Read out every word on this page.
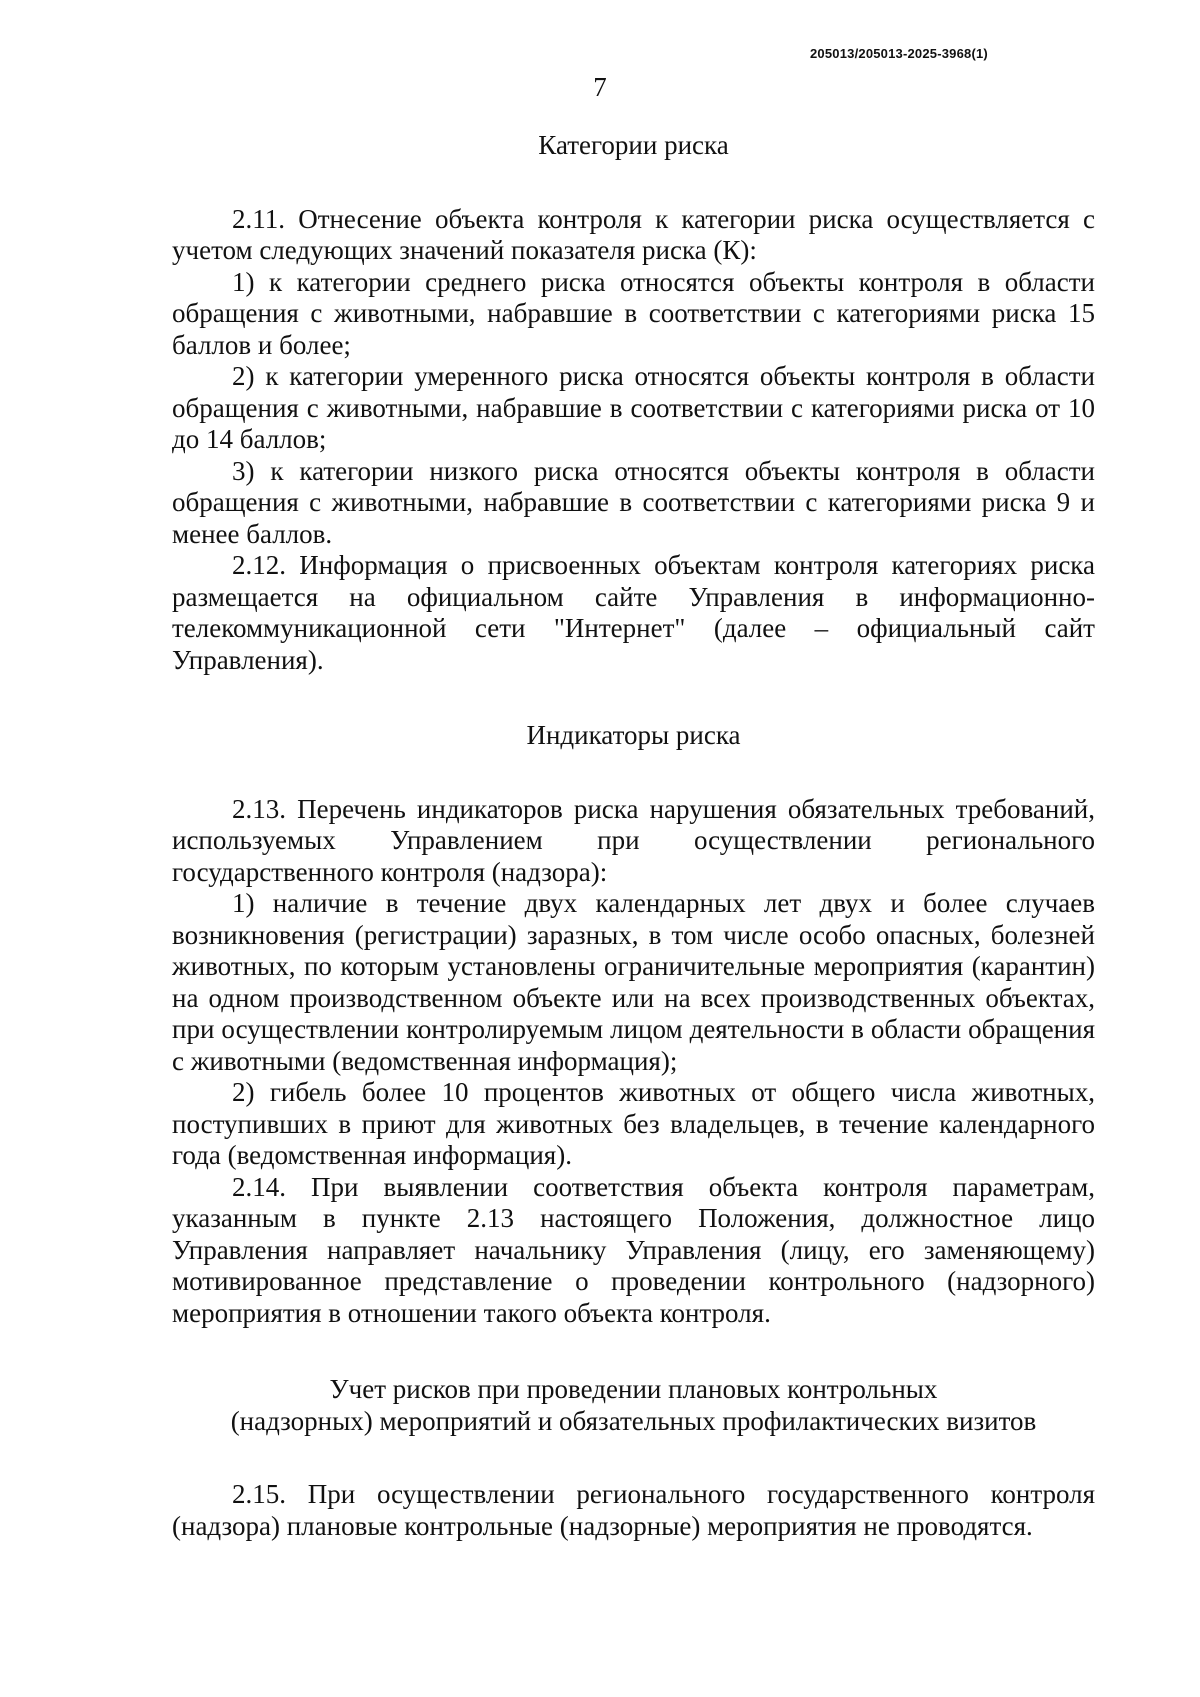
205013/205013-2025-3968(1)
7
Категории риска

2.11. Отнесение объекта контроля к категории риска осуществляется с учетом следующих значений показателя риска (К):

1) к категории среднего риска относятся объекты контроля в области обращения с животными, набравшие в соответствии с категориями риска 15 баллов и более;

2) к категории умеренного риска относятся объекты контроля в области обращения с животными, набравшие в соответствии с категориями риска от 10 до 14 баллов;

3) к категории низкого риска относятся объекты контроля в области обращения с животными, набравшие в соответствии с категориями риска 9 и менее баллов.

2.12. Информация о присвоенных объектам контроля категориях риска размещается на официальном сайте Управления в информационно-телекоммуникационной сети "Интернет" (далее – официальный сайт Управления).

Индикаторы риска

2.13. Перечень индикаторов риска нарушения обязательных требований, используемых Управлением при осуществлении регионального государственного контроля (надзора):

1) наличие в течение двух календарных лет двух и более случаев возникновения (регистрации) заразных, в том числе особо опасных, болезней животных, по которым установлены ограничительные мероприятия (карантин) на одном производственном объекте или на всех производственных объектах, при осуществлении контролируемым лицом деятельности в области обращения с животными (ведомственная информация);

2) гибель более 10 процентов животных от общего числа животных, поступивших в приют для животных без владельцев, в течение календарного года (ведомственная информация).

2.14. При выявлении соответствия объекта контроля параметрам, указанным в пункте 2.13 настоящего Положения, должностное лицо Управления направляет начальнику Управления (лицу, его заменяющему) мотивированное представление о проведении контрольного (надзорного) мероприятия в отношении такого объекта контроля.

Учет рисков при проведении плановых контрольных
(надзорных) мероприятий и обязательных профилактических визитов

2.15. При осуществлении регионального государственного контроля (надзора) плановые контрольные (надзорные) мероприятия не проводятся.
